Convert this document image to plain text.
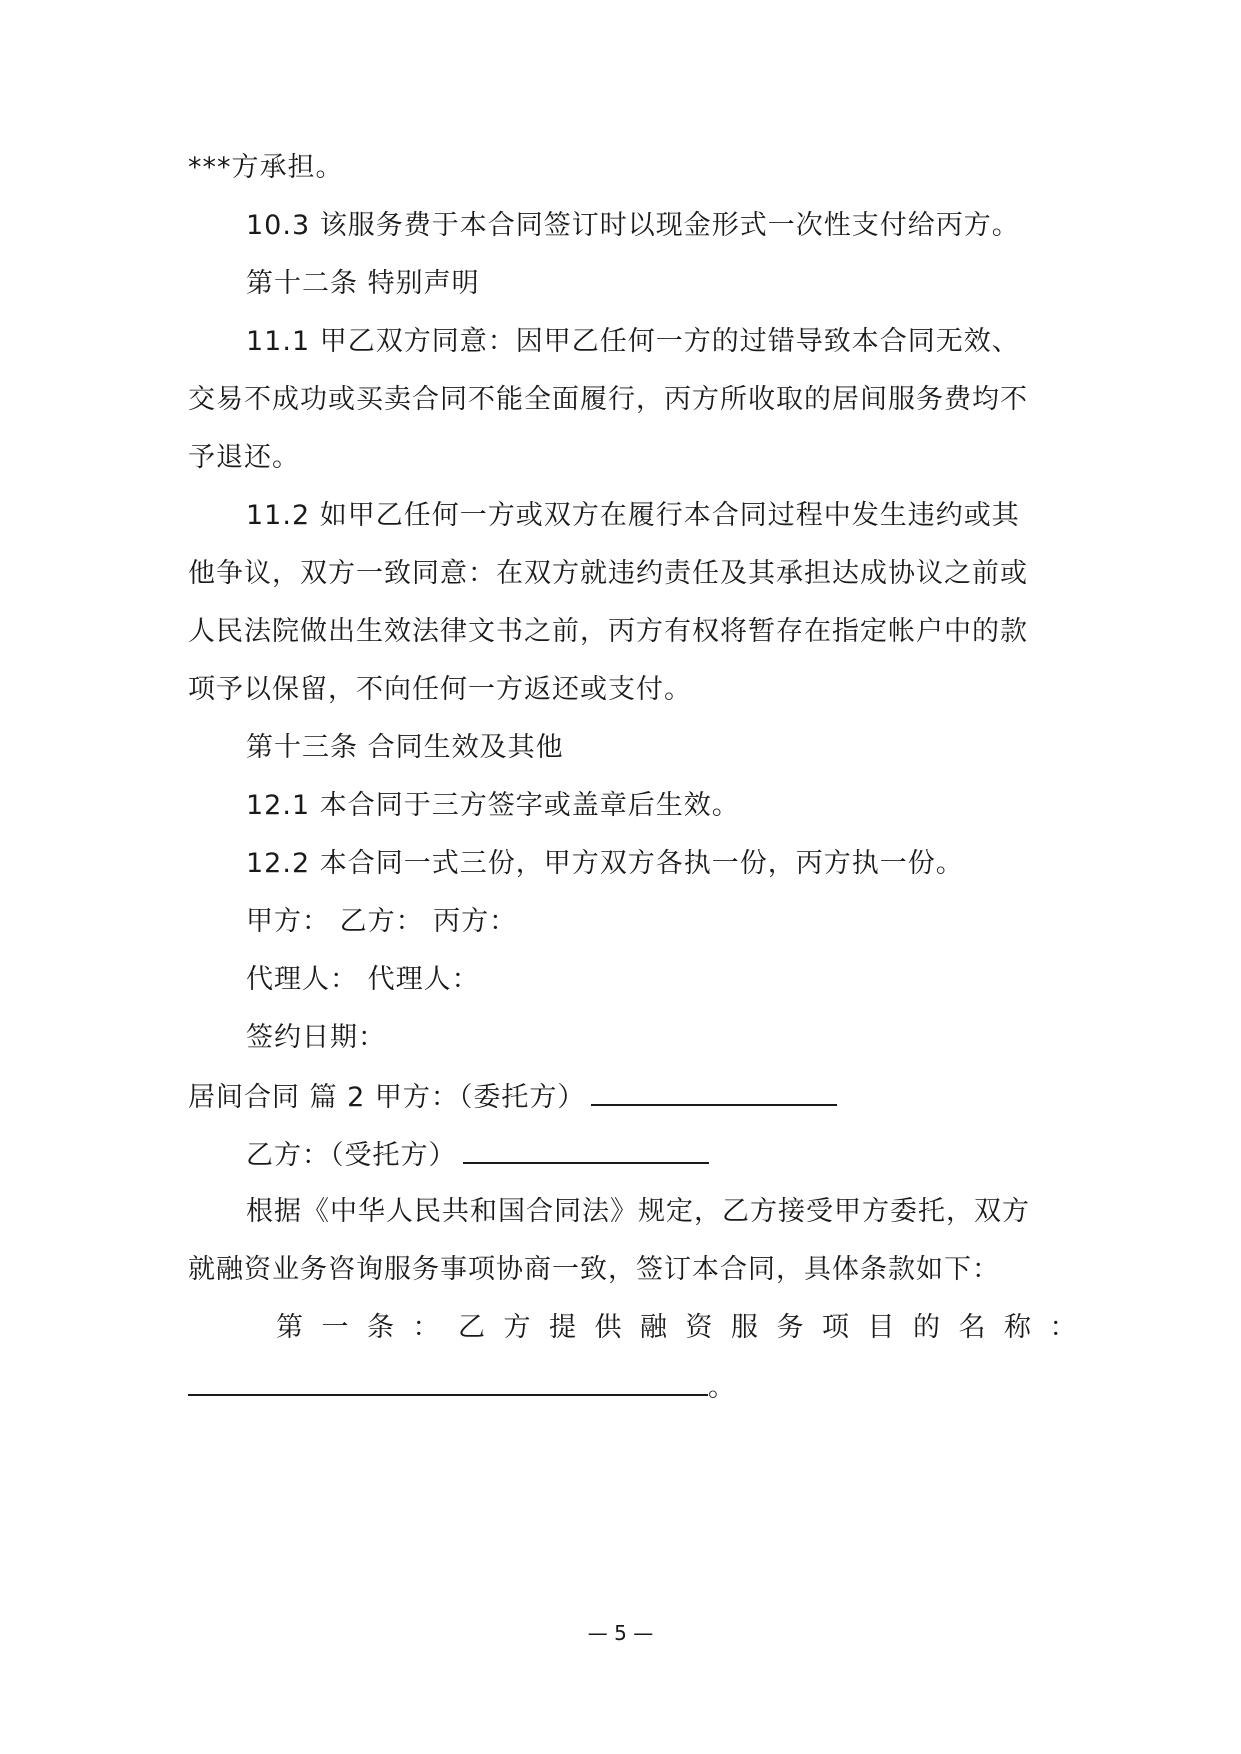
***方承担。
10.3 该服务费于本合同签订时以现金形式一次性支付给丙方。
第十二条 特别声明
11.1 甲乙双方同意：因甲乙任何一方的过错导致本合同无效、
交易不成功或买卖合同不能全面履行，丙方所收取的居间服务费均不
予退还。
11.2 如甲乙任何一方或双方在履行本合同过程中发生违约或其
他争议，双方一致同意：在双方就违约责任及其承担达成协议之前或
人民法院做出生效法律文书之前，丙方有权将暂存在指定帐户中的款
项予以保留，不向任何一方返还或支付。
第十三条 合同生效及其他
12.1 本合同于三方签字或盖章后生效。
12.2 本合同一式三份，甲方双方各执一份，丙方执一份。
甲方： 乙方： 丙方：
代理人： 代理人：
签约日期：
居间合同 篇 2 甲方：（委托方）
乙方：（受托方）
根据《中华人民共和国合同法》规定，乙方接受甲方委托，双方
就融资业务咨询服务事项协商一致，签订本合同，具体条款如下：
第一条：乙方提供融资服务项目的名称：
。
— 5 —
